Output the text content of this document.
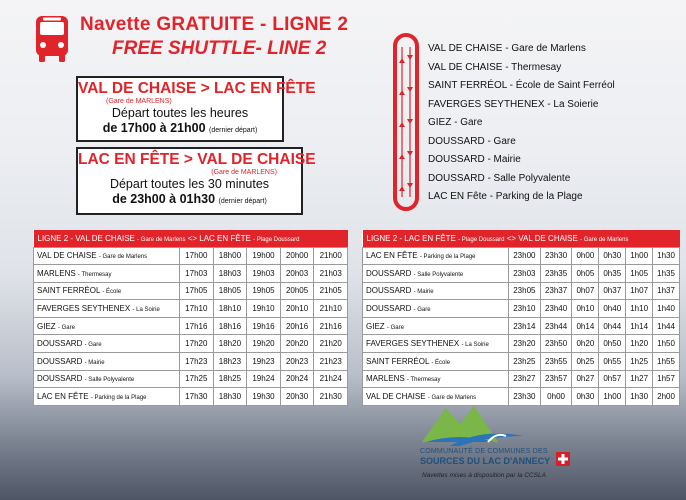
Navette GRATUITE - LIGNE 2
FREE SHUTTLE- LINE 2
VAL DE CHAISE > LAC EN FÊTE
(Gare de MARLENS)
Départ toutes les heures
de 17h00 à 21h00 (dernier départ)
LAC EN FÊTE > VAL DE CHAISE
(Gare de MARLENS)
Départ toutes les 30 minutes
de 23h00 à 01h30 (dernier départ)
VAL DE CHAISE - Gare de Marlens
VAL DE CHAISE - Thermesay
SAINT FERRÉOL - École de Saint Ferréol
FAVERGES SEYTHENEX - La Soierie
GIEZ - Gare
DOUSSARD - Gare
DOUSSARD - Mairie
DOUSSARD - Salle Polyvalente
LAC EN Fête - Parking de la Plage
LIGNE 2 - VAL DE CHAISE - Gare de Marlens <> LAC EN FÊTE - Plage Doussard					
VAL DE CHAISE - Gare de Marlens	17h00	18h00	19h00	20h00	21h00
MARLENS - Thermesay	17h03	18h03	19h03	20h03	21h03
SAINT FERRÉOL - École	17h05	18h05	19h05	20h05	21h05
FAVERGES SEYTHENEX - La Soirie	17h10	18h10	19h10	20h10	21h10
GIEZ - Gare	17h16	18h16	19h16	20h16	21h16
DOUSSARD - Gare	17h20	18h20	19h20	20h20	21h20
DOUSSARD - Mairie	17h23	18h23	19h23	20h23	21h23
DOUSSARD - Salle Polyvalente	17h25	18h25	19h24	20h24	21h24
LAC EN FÊTE - Parking de la Plage	17h30	18h30	19h30	20h30	21h30
LIGNE 2 - LAC EN FÊTE - Plage Doussard <> VAL DE CHAISE - Gare de Marlens						
LAC EN FÊTE - Parking de la Plage	23h00	23h30	0h00	0h30	1h00	1h30
DOUSSARD - Salle Polyvalente	23h03	23h35	0h05	0h35	1h05	1h35
DOUSSARD - Mairie	23h05	23h37	0h07	0h37	1h07	1h37
DOUSSARD - Gare	23h10	23h40	0h10	0h40	1h10	1h40
GIEZ - Gare	23h14	23h44	0h14	0h44	1h14	1h44
FAVERGES SEYTHENEX - La Soirie	23h20	23h50	0h20	0h50	1h20	1h50
SAINT FERRÉOL - École	23h25	23h55	0h25	0h55	1h25	1h55
MARLENS - Thermesay	23h27	23h57	0h27	0h57	1h27	1h57
VAL DE CHAISE - Gare de Marlens	23h30	0h00	0h30	1h00	1h30	2h00
COMMUNAUTÉ DE COMMUNES DES
SOURCES DU LAC D'ANNECY
Navettes mises à disposition par la CCSLA
